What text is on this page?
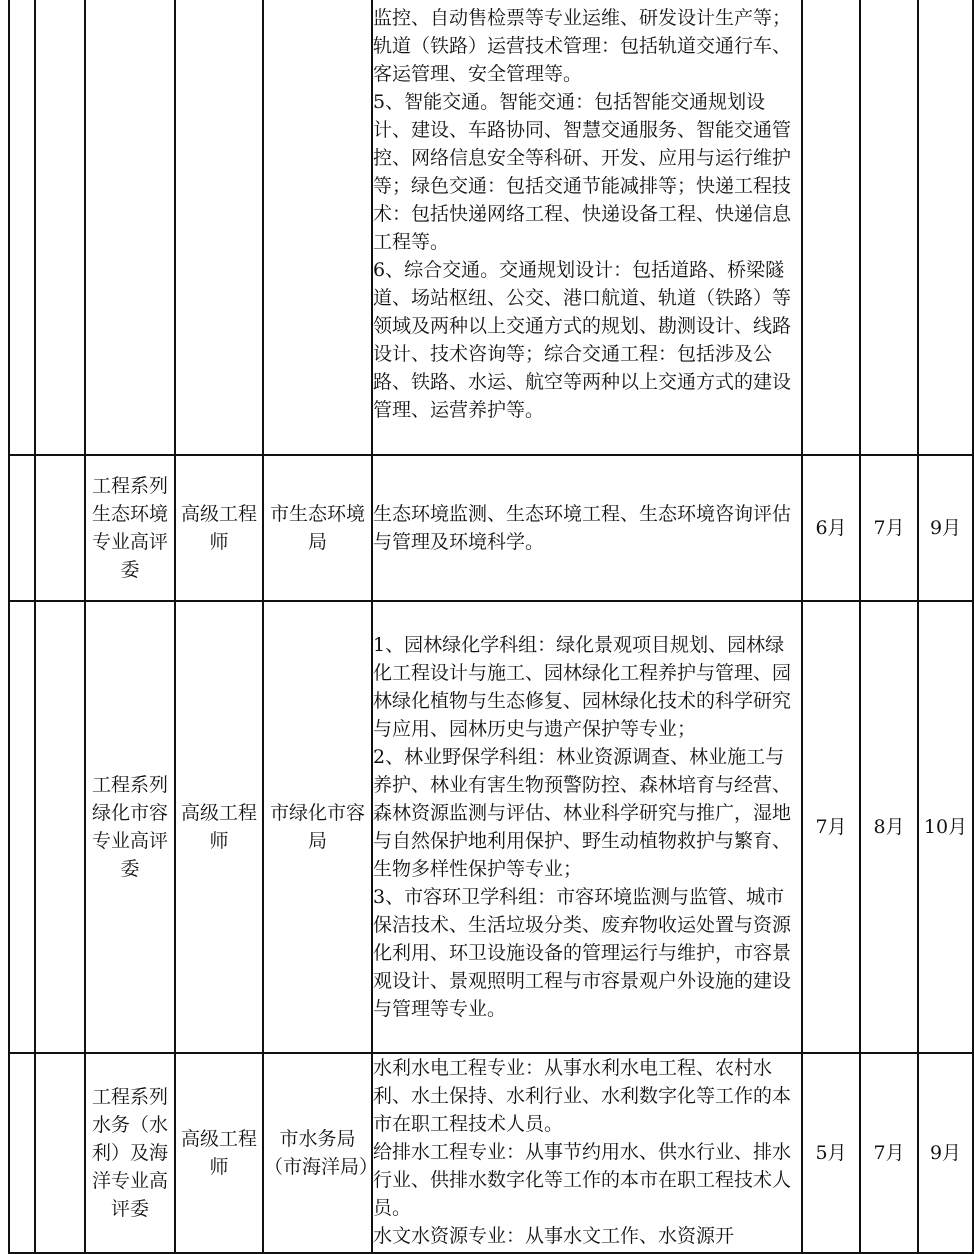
					监控、自动售检票等专业运维、研发设计生产等；轨道（铁路）运营技术管理：包括轨道交通行车、客运管理、安全管理等。
5、智能交通。智能交通：包括智能交通规划设计、建设、车路协同、智慧交通服务、智能交通管控、网络信息安全等科研、开发、应用与运行维护等；绿色交通：包括交通节能减排等；快递工程技术：包括快递网络工程、快递设备工程、快递信息工程等。
6、综合交通。交通规划设计：包括道路、桥梁隧道、场站枢纽、公交、港口航道、轨道（铁路）等领域及两种以上交通方式的规划、勘测设计、线路设计、技术咨询等；综合交通工程：包括涉及公路、铁路、水运、航空等两种以上交通方式的建设管理、运营养护等。			

		工程系列生态环境专业高评委	高级工程师	市生态环境局	生态环境监测、生态环境工程、生态环境咨询评估与管理及环境科学。	6月	7月	9月

		工程系列绿化市容专业高评委	高级工程师	市绿化市容局	1、园林绿化学科组：绿化景观项目规划、园林绿化工程设计与施工、园林绿化工程养护与管理、园林绿化植物与生态修复、园林绿化技术的科学研究与应用、园林历史与遗产保护等专业；
2、林业野保学科组：林业资源调查、林业施工与养护、林业有害生物预警防控、森林培育与经营、森林资源监测与评估、林业科学研究与推广，湿地与自然保护地利用保护、野生动植物救护与繁育、生物多样性保护等专业；
3、市容环卫学科组：市容环境监测与监管、城市保洁技术、生活垃圾分类、废弃物收运处置与资源化利用、环卫设施设备的管理运行与维护，市容景观设计、景观照明工程与市容景观户外设施的建设与管理等专业。	7月	8月	10月

		工程系列水务（水利）及海洋专业高评委	高级工程师	市水务局（市海洋局）	水利水电工程专业：从事水利水电工程、农村水利、水土保持、水利行业、水利数字化等工作的本市在职工程技术人员。
给排水工程专业：从事节约用水、供水行业、排水行业、供排水数字化等工作的本市在职工程技术人员。
水文水资源专业：从事水文工作、水资源开	5月	7月	9月
